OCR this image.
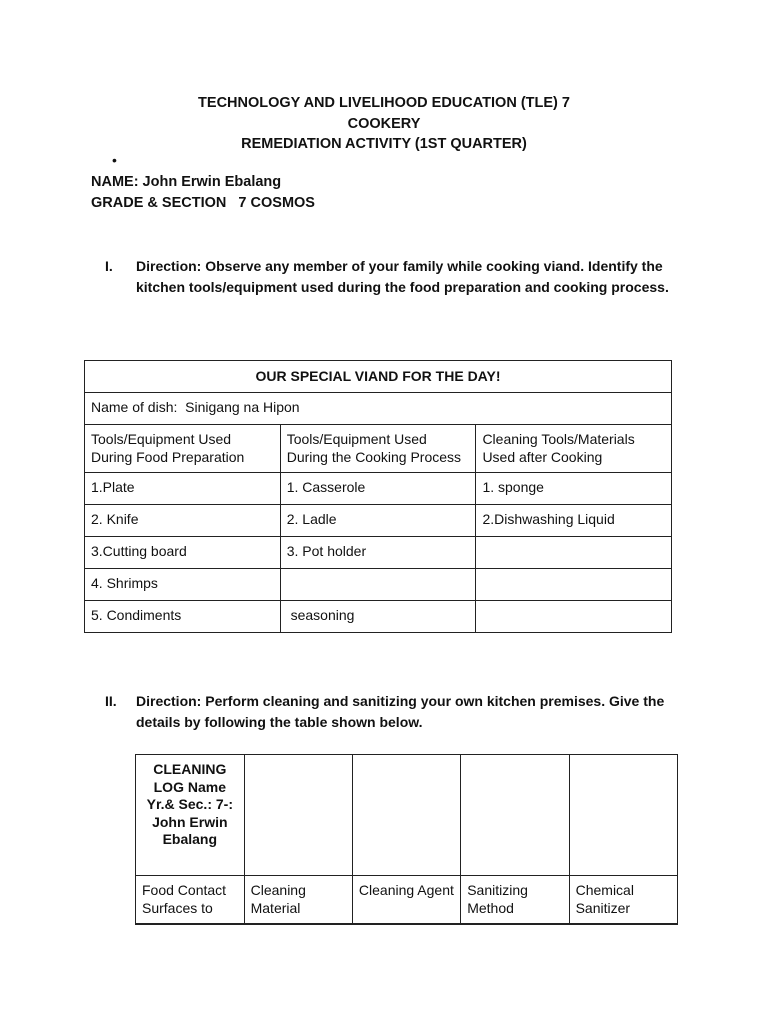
TECHNOLOGY AND LIVELIHOOD EDUCATION (TLE) 7
COOKERY
REMEDIATION ACTIVITY (1ST QUARTER)
•
NAME: John Erwin Ebalang
GRADE & SECTION   7 COSMOS
I. Direction: Observe any member of your family while cooking viand. Identify the kitchen tools/equipment used during the food preparation and cooking process.
OUR SPECIAL VIAND FOR THE DAY!		
Name of dish:  Sinigang na Hipon		
Tools/Equipment Used During Food Preparation	Tools/Equipment Used During the Cooking Process	Cleaning Tools/Materials Used after Cooking
1.Plate	1. Casserole	1. sponge
2. Knife	2. Ladle	2.Dishwashing Liquid
3.Cutting board	3. Pot holder	
4. Shrimps		
5. Condiments	seasoning	
II. Direction: Perform cleaning and sanitizing your own kitchen premises. Give the details by following the table shown below.
CLEANING LOG Name Yr.& Sec.: 7-: John Erwin Ebalang				
Food Contact Surfaces to	Cleaning Material	Cleaning Agent	Sanitizing Method	Chemical Sanitizer
